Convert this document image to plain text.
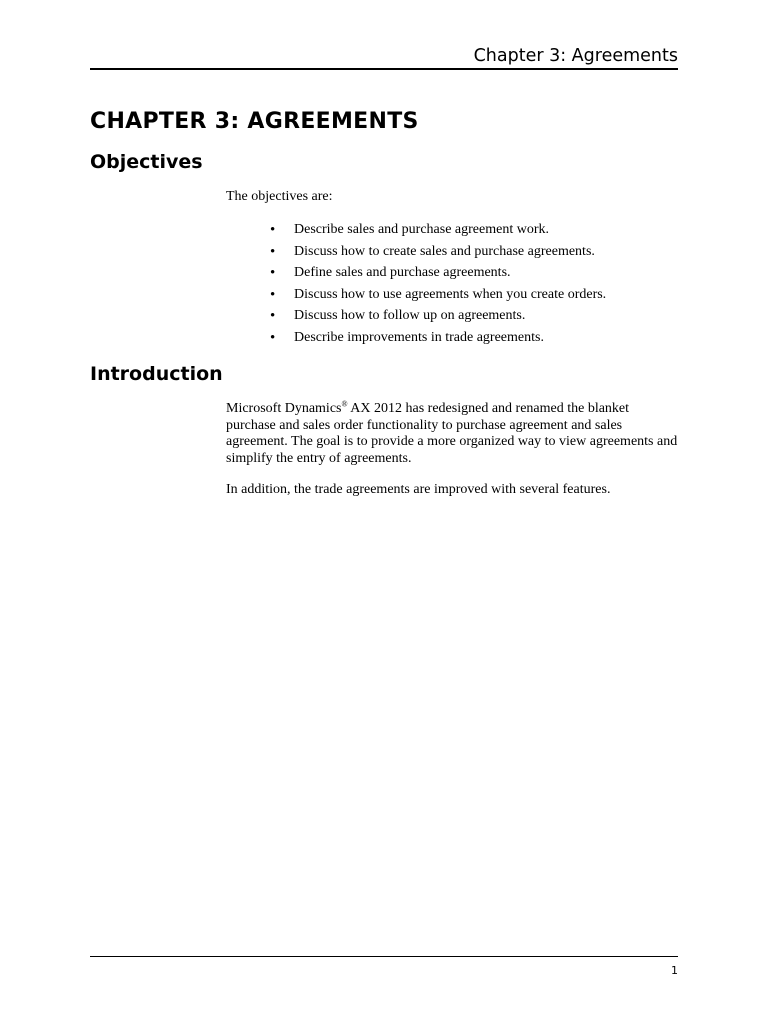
Chapter 3: Agreements
CHAPTER 3: AGREEMENTS
Objectives

The objectives are:

• Describe sales and purchase agreement work.
• Discuss how to create sales and purchase agreements.
• Define sales and purchase agreements.
• Discuss how to use agreements when you create orders.
• Discuss how to follow up on agreements.
• Describe improvements in trade agreements.
Introduction

Microsoft Dynamics® AX 2012 has redesigned and renamed the blanket purchase and sales order functionality to purchase agreement and sales agreement. The goal is to provide a more organized way to view agreements and simplify the entry of agreements.

In addition, the trade agreements are improved with several features.

1
